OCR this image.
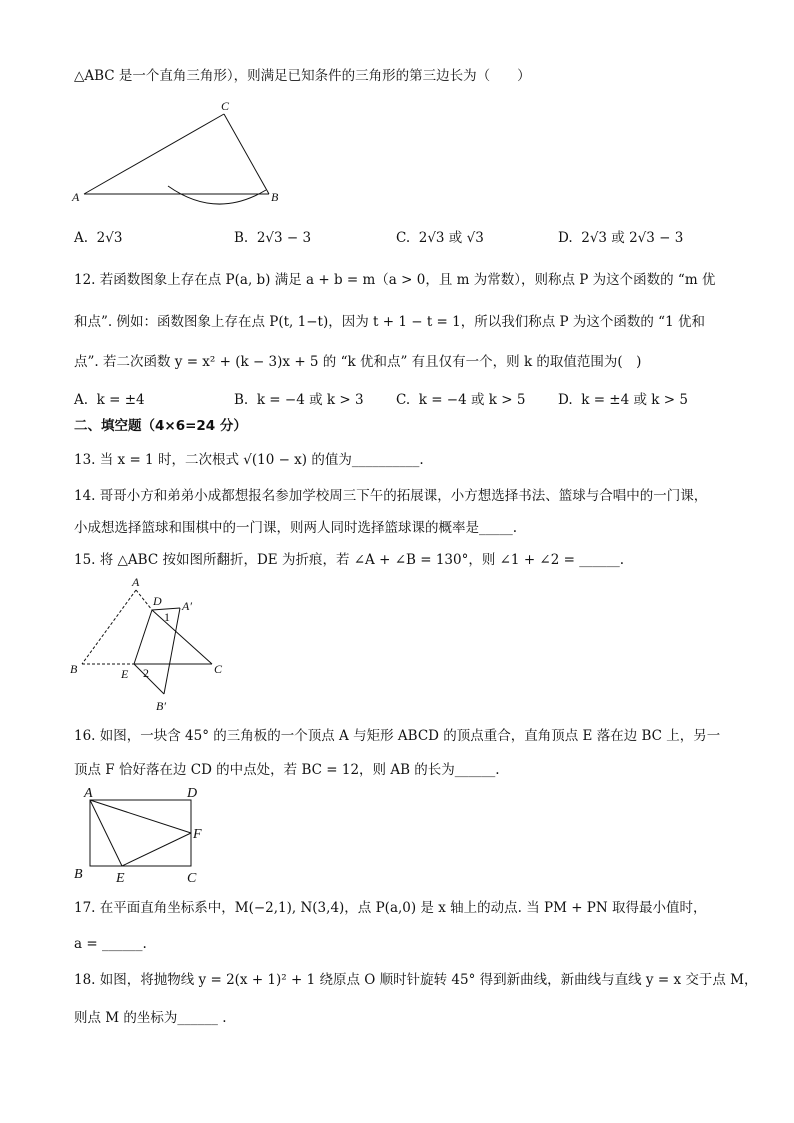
△ABC 是一个直角三角形），则满足已知条件的三角形的第三边长为（　　）
A	B
C
A. 2√3	B. 2√3 − 3	C. 2√3 或 √3	D. 2√3 或 2√3 − 3
12. 若函数图象上存在点 P(a, b) 满足 a + b = m（a > 0，且 m 为常数），则称点 P 为这个函数的 “m 优
和点”. 例如：函数图象上存在点 P(t, 1−t)，因为 t + 1 − t = 1，所以我们称点 P 为这个函数的 “1 优和
点”. 若二次函数 y = x² + (k − 3)x + 5 的 “k 优和点” 有且仅有一个，则 k 的取值范围为(　)
A. k = ±4	B. k = −4 或 k > 3 C. k = −4 或 k > 5 D. k = ±4 或 k > 5
二、填空题（4×6=24 分）
13. 当 x = 1 时，二次根式 √(10 − x) 的值为__________.
14. 哥哥小方和弟弟小成都想报名参加学校周三下午的拓展课，小方想选择书法、篮球与合唱中的一门课，
小成想选择篮球和围棋中的一门课，则两人同时选择篮球课的概率是_____.
15. 将 △ABC 按如图所翻折，DE 为折痕，若 ∠A + ∠B = 130°，则 ∠1 + ∠2 = ______.
A
D A′
1
B	E 2	C
B′
16. 如图，一块含 45° 的三角板的一个顶点 A 与矩形 ABCD 的顶点重合，直角顶点 E 落在边 BC 上，另一
顶点 F 恰好落在边 CD 的中点处，若 BC = 12，则 AB 的长为______.
A	D
F
B E	C
17. 在平面直角坐标系中，M(−2,1), N(3,4)，点 P(a,0) 是 x 轴上的动点. 当 PM + PN 取得最小值时，
a = ______.
18. 如图，将抛物线 y = 2(x + 1)² + 1 绕原点 O 顺时针旋转 45° 得到新曲线，新曲线与直线 y = x 交于点 M，
则点 M 的坐标为______ .
